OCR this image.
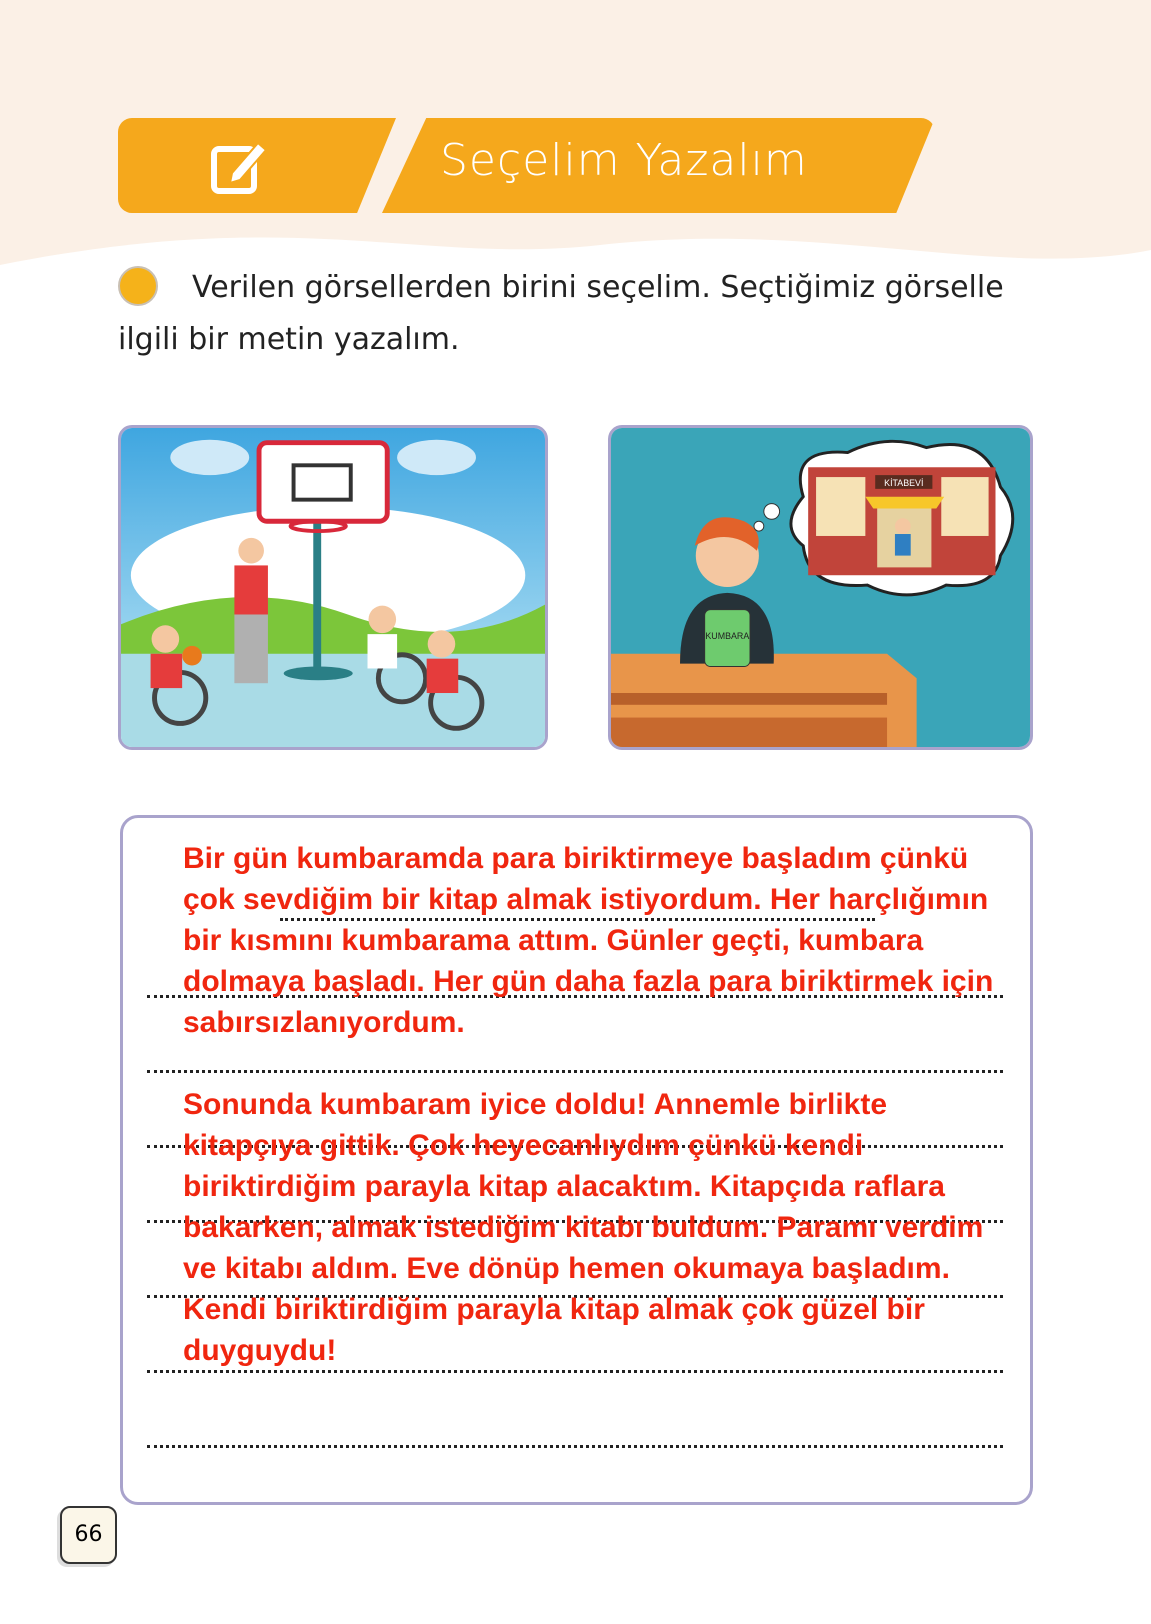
Seçelim Yazalım
Verilen görsellerden birini seçelim. Seçtiğimiz görselle ilgili bir metin yazalım.
KUMBARA
KİTABEVİ

Bir gün kumbaramda para biriktirmeye başladım çünkü çok sevdiğim bir kitap almak istiyordum. Her harçlığımın bir kısmını kumbarama attım. Günler geçti, kumbara dolmaya başladı. Her gün daha fazla para biriktirmek için sabırsızlanıyordum.

Sonunda kumbaram iyice doldu! Annemle birlikte kitapçıya gittik. Çok heyecanlıydım çünkü kendi biriktirdiğim parayla kitap alacaktım. Kitapçıda raflara bakarken, almak istediğim kitabı buldum. Paramı verdim ve kitabı aldım. Eve dönüp hemen okumaya başladım. Kendi biriktirdiğim parayla kitap almak çok güzel bir duyguydu!

66
